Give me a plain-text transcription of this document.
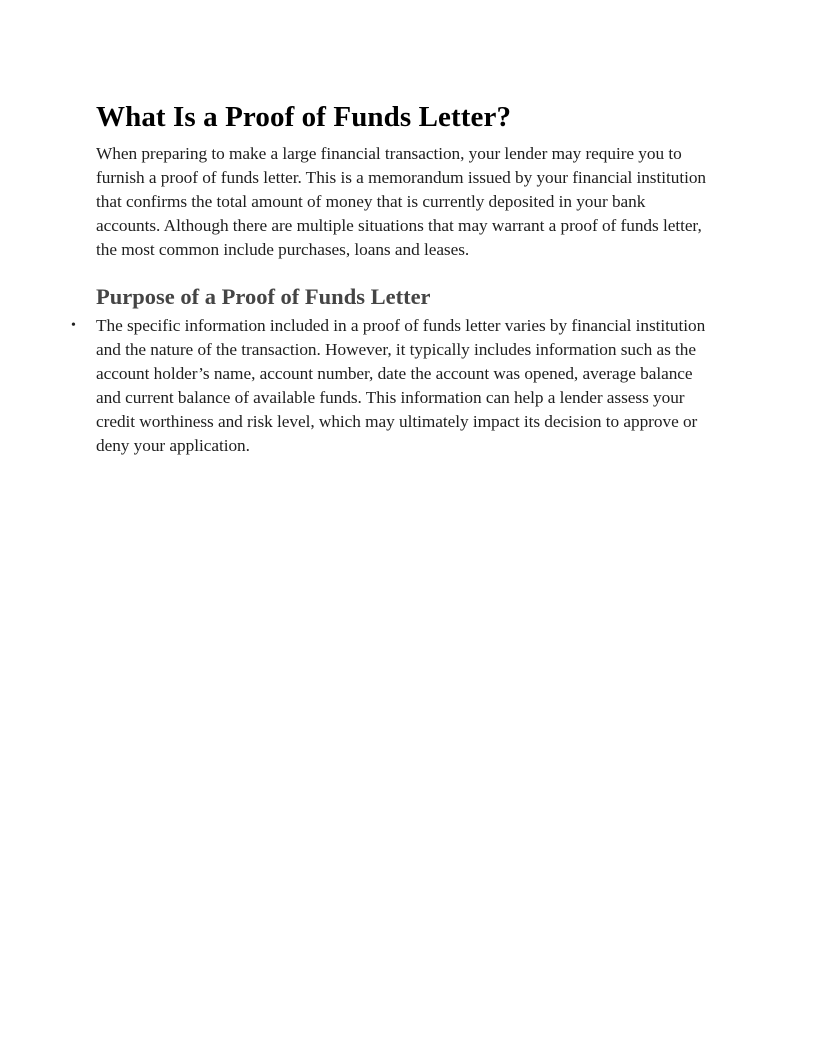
What Is a Proof of Funds Letter?

When preparing to make a large financial transaction, your lender may require you to furnish a proof of funds letter. This is a memorandum issued by your financial institution that confirms the total amount of money that is currently deposited in your bank accounts. Although there are multiple situations that may warrant a proof of funds letter, the most common include purchases, loans and leases.

Purpose of a Proof of Funds Letter
• The specific information included in a proof of funds letter varies by financial institution and the nature of the transaction. However, it typically includes information such as the account holder’s name, account number, date the account was opened, average balance and current balance of available funds. This information can help a lender assess your credit worthiness and risk level, which may ultimately impact its decision to approve or deny your application.
